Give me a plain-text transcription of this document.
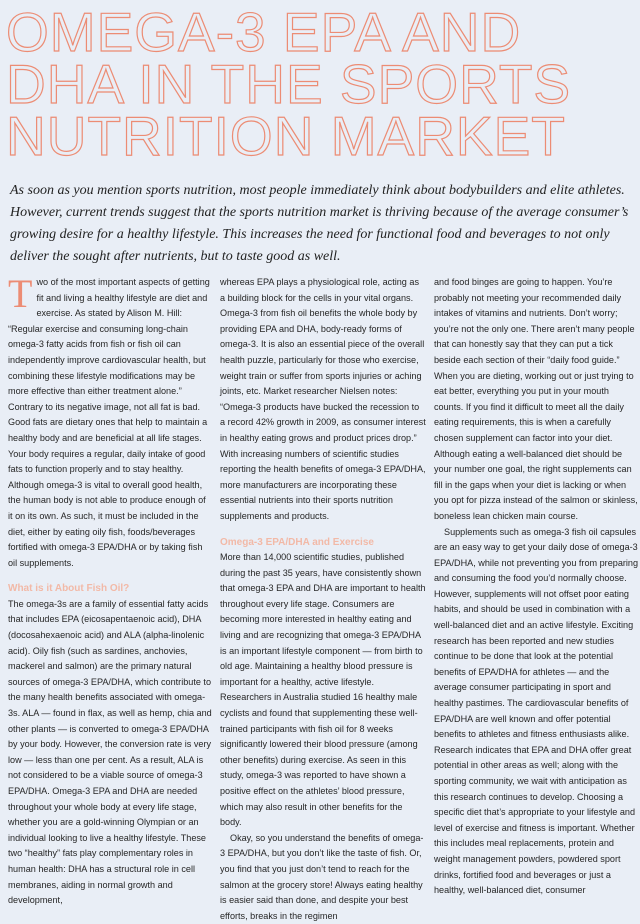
OMEGA-3 EPA AND
DHA IN THE SPORTS
NUTRITION MARKET

As soon as you mention sports nutrition, most people immediately think about bodybuilders and elite athletes. However, current trends suggest that the sports nutrition market is thriving because of the average consumer’s growing desire for a healthy lifestyle. This increases the need for functional food and beverages to not only deliver the sought after nutrients, but to taste good as well.

Two of the most important aspects of getting fit and living a healthy lifestyle are diet and exercise. As stated by Alison M. Hill: “Regular exercise and consuming long-chain omega-3 fatty acids from fish or fish oil can independently improve cardiovascular health, but combining these lifestyle modifications may be more effective than either treatment alone.” Contrary to its negative image, not all fat is bad. Good fats are dietary ones that help to maintain a healthy body and are beneficial at all life stages. Your body requires a regular, daily intake of good fats to function properly and to stay healthy. Although omega-3 is vital to overall good health, the human body is not able to produce enough of it on its own. As such, it must be included in the diet, either by eating oily fish, foods/beverages fortified with omega-3 EPA/DHA or by taking fish oil supplements.

What is it About Fish Oil?

The omega-3s are a family of essential fatty acids that includes EPA (eicosapentaenoic acid), DHA (docosahexaenoic acid) and ALA (alpha-linolenic acid). Oily fish (such as sardines, anchovies, mackerel and salmon) are the primary natural sources of omega-3 EPA/DHA, which contribute to the many health benefits associated with omega-3s. ALA — found in flax, as well as hemp, chia and other plants — is converted to omega-3 EPA/DHA by your body. However, the conversion rate is very low — less than one per cent. As a result, ALA is not considered to be a viable source of omega-3 EPA/DHA. Omega-3 EPA and DHA are needed throughout your whole body at every life stage, whether you are a gold-winning Olympian or an individual looking to live a healthy lifestyle. These two “healthy” fats play complementary roles in human health: DHA has a structural role in cell membranes, aiding in normal growth and development,

whereas EPA plays a physiological role, acting as a building block for the cells in your vital organs. Omega-3 from fish oil benefits the whole body by providing EPA and DHA, body-ready forms of omega-3. It is also an essential piece of the overall health puzzle, particularly for those who exercise, weight train or suffer from sports injuries or aching joints, etc. Market researcher Nielsen notes: “Omega-3 products have bucked the recession to a record 42% growth in 2009, as consumer interest in healthy eating grows and product prices drop.” With increasing numbers of scientific studies reporting the health benefits of omega-3 EPA/DHA, more manufacturers are incorporating these essential nutrients into their sports nutrition supplements and products.

Omega-3 EPA/DHA and Exercise

More than 14,000 scientific studies, published during the past 35 years, have consistently shown that omega-3 EPA and DHA are important to health throughout every life stage. Consumers are becoming more interested in healthy eating and living and are recognizing that omega-3 EPA/DHA is an important lifestyle component — from birth to old age. Maintaining a healthy blood pressure is important for a healthy, active lifestyle. Researchers in Australia studied 16 healthy male cyclists and found that supplementing these well-trained participants with fish oil for 8 weeks significantly lowered their blood pressure (among other benefits) during exercise. As seen in this study, omega-3 was reported to have shown a positive effect on the athletes’ blood pressure, which may also result in other benefits for the body.

Okay, so you understand the benefits of omega-3 EPA/DHA, but you don’t like the taste of fish. Or, you find that you just don’t tend to reach for the salmon at the grocery store! Always eating healthy is easier said than done, and despite your best efforts, breaks in the regimen

and food binges are going to happen. You’re probably not meeting your recommended daily intakes of vitamins and nutrients. Don’t worry; you’re not the only one. There aren’t many people that can honestly say that they can put a tick beside each section of their “daily food guide.” When you are dieting, working out or just trying to eat better, everything you put in your mouth counts. If you find it difficult to meet all the daily eating requirements, this is when a carefully chosen supplement can factor into your diet. Although eating a well-balanced diet should be your number one goal, the right supplements can fill in the gaps when your diet is lacking or when you opt for pizza instead of the salmon or skinless, boneless lean chicken main course.

Supplements such as omega-3 fish oil capsules are an easy way to get your daily dose of omega-3 EPA/DHA, while not preventing you from preparing and consuming the food you’d normally choose. However, supplements will not offset poor eating habits, and should be used in combination with a well-balanced diet and an active lifestyle. Exciting research has been reported and new studies continue to be done that look at the potential benefits of EPA/DHA for athletes — and the average consumer participating in sport and healthy pastimes. The cardiovascular benefits of EPA/DHA are well known and offer potential benefits to athletes and fitness enthusiasts alike. Research indicates that EPA and DHA offer great potential in other areas as well; along with the sporting community, we wait with anticipation as this research continues to develop. Choosing a specific diet that’s appropriate to your lifestyle and level of exercise and fitness is important. Whether this includes meal replacements, protein and weight management powders, powdered sport drinks, fortified food and beverages or just a healthy, well-balanced diet, consumer
